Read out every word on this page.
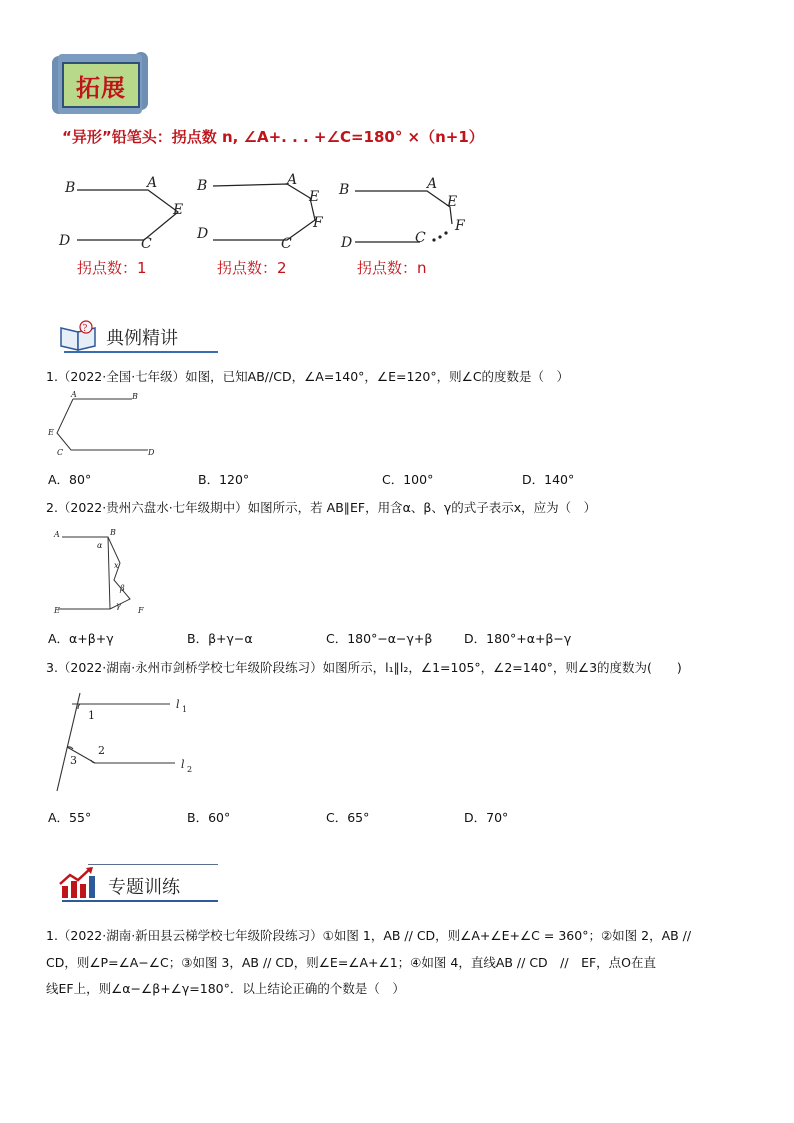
拓展
“异形”铅笔头：拐点数 n, ∠A+. . . +∠C=180° ×（n+1）
B	A
E
D	C
B	A
E
F
D
C
B	A
E
F
D	C
拐点数：1	拐点数：2	拐点数：n
? 典例精讲
1.（2022·全国·七年级）如图，已知AB//CD，∠A=140°，∠E=120°，则∠C的度数是（　）
A	B
E
C	D
A．80°	B．120°	C．100°	D．140°
2.（2022·贵州六盘水·七年级期中）如图所示，若 AB∥EF，用含α、β、γ的式子表示x，应为（　）
A	B
α
x
β
γ
E	F
A．α+β+γ	B．β+γ−α	C．180°−α−γ+β	D．180°+α+β−γ
3.（2022·湖南·永州市剑桥学校七年级阶段练习）如图所示，l₁∥l₂，∠1=105°，∠2=140°，则∠3的度数为(　　)
1
2
3
l 1
l 2
A．55°	B．60°	C．65°	D．70°
专题训练
1.（2022·湖南·新田县云梯学校七年级阶段练习）①如图 1，AB // CD，则∠A+∠E+∠C = 360°；②如图 2，AB //
CD，则∠P=∠A−∠C；③如图 3，AB // CD，则∠E=∠A+∠1；④如图 4，直线AB // CD　//　EF，点O在直
线EF上，则∠α−∠β+∠γ=180°．以上结论正确的个数是（　）
